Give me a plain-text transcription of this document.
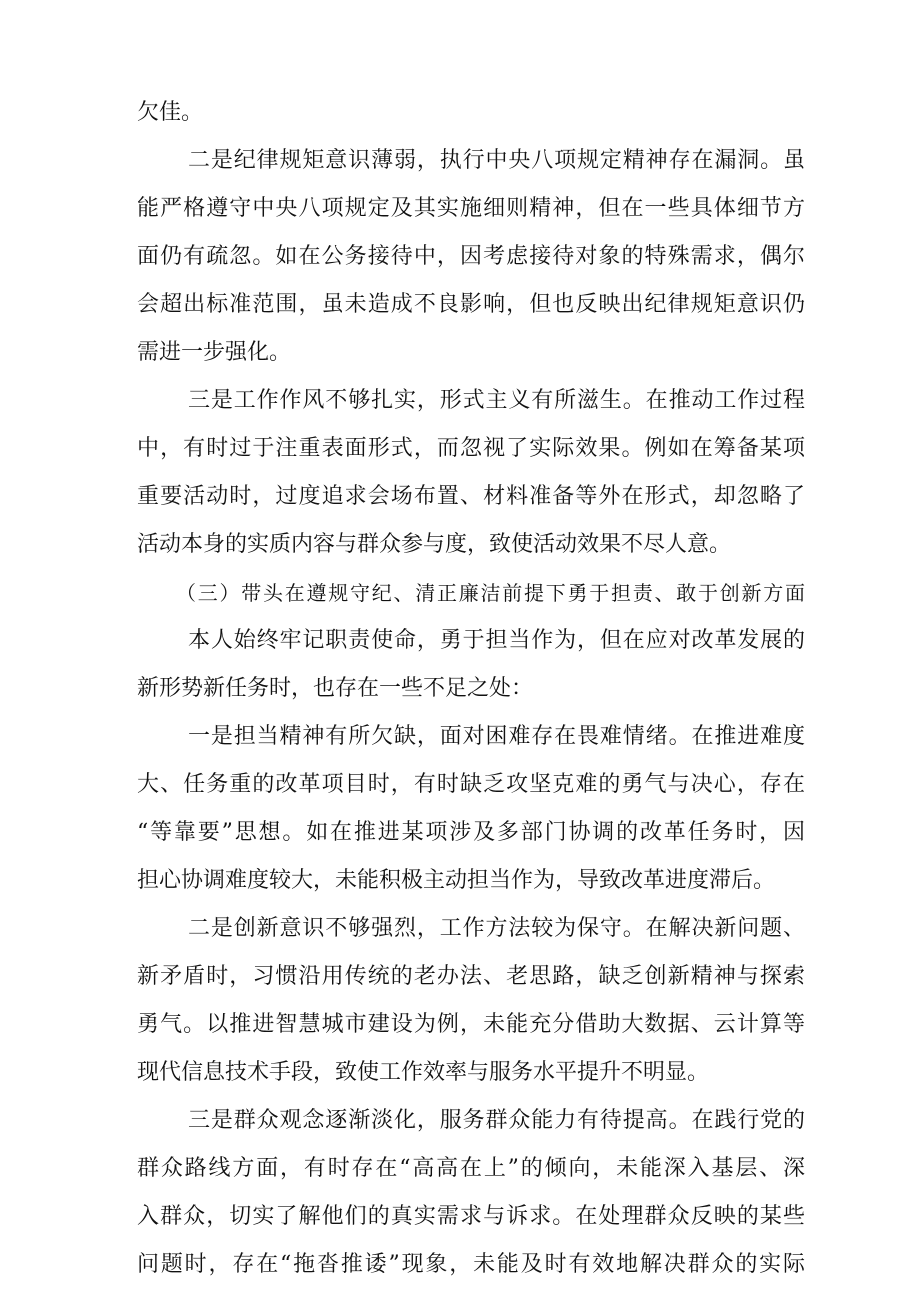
欠佳。
二是纪律规矩意识薄弱，执行中央八项规定精神存在漏洞。虽
能严格遵守中央八项规定及其实施细则精神，但在一些具体细节方
面仍有疏忽。如在公务接待中，因考虑接待对象的特殊需求，偶尔
会超出标准范围，虽未造成不良影响，但也反映出纪律规矩意识仍
需进一步强化。
三是工作作风不够扎实，形式主义有所滋生。在推动工作过程
中，有时过于注重表面形式，而忽视了实际效果。例如在筹备某项
重要活动时，过度追求会场布置、材料准备等外在形式，却忽略了
活动本身的实质内容与群众参与度，致使活动效果不尽人意。
（三）带头在遵规守纪、清正廉洁前提下勇于担责、敢于创新方面
本人始终牢记职责使命，勇于担当作为，但在应对改革发展的
新形势新任务时，也存在一些不足之处：
一是担当精神有所欠缺，面对困难存在畏难情绪。在推进难度
大、任务重的改革项目时，有时缺乏攻坚克难的勇气与决心，存在
“等靠要”思想。如在推进某项涉及多部门协调的改革任务时，因
担心协调难度较大，未能积极主动担当作为，导致改革进度滞后。
二是创新意识不够强烈，工作方法较为保守。在解决新问题、
新矛盾时，习惯沿用传统的老办法、老思路，缺乏创新精神与探索
勇气。以推进智慧城市建设为例，未能充分借助大数据、云计算等
现代信息技术手段，致使工作效率与服务水平提升不明显。
三是群众观念逐渐淡化，服务群众能力有待提高。在践行党的
群众路线方面，有时存在“高高在上”的倾向，未能深入基层、深
入群众，切实了解他们的真实需求与诉求。在处理群众反映的某些
问题时，存在“拖沓推诿”现象，未能及时有效地解决群众的实际
